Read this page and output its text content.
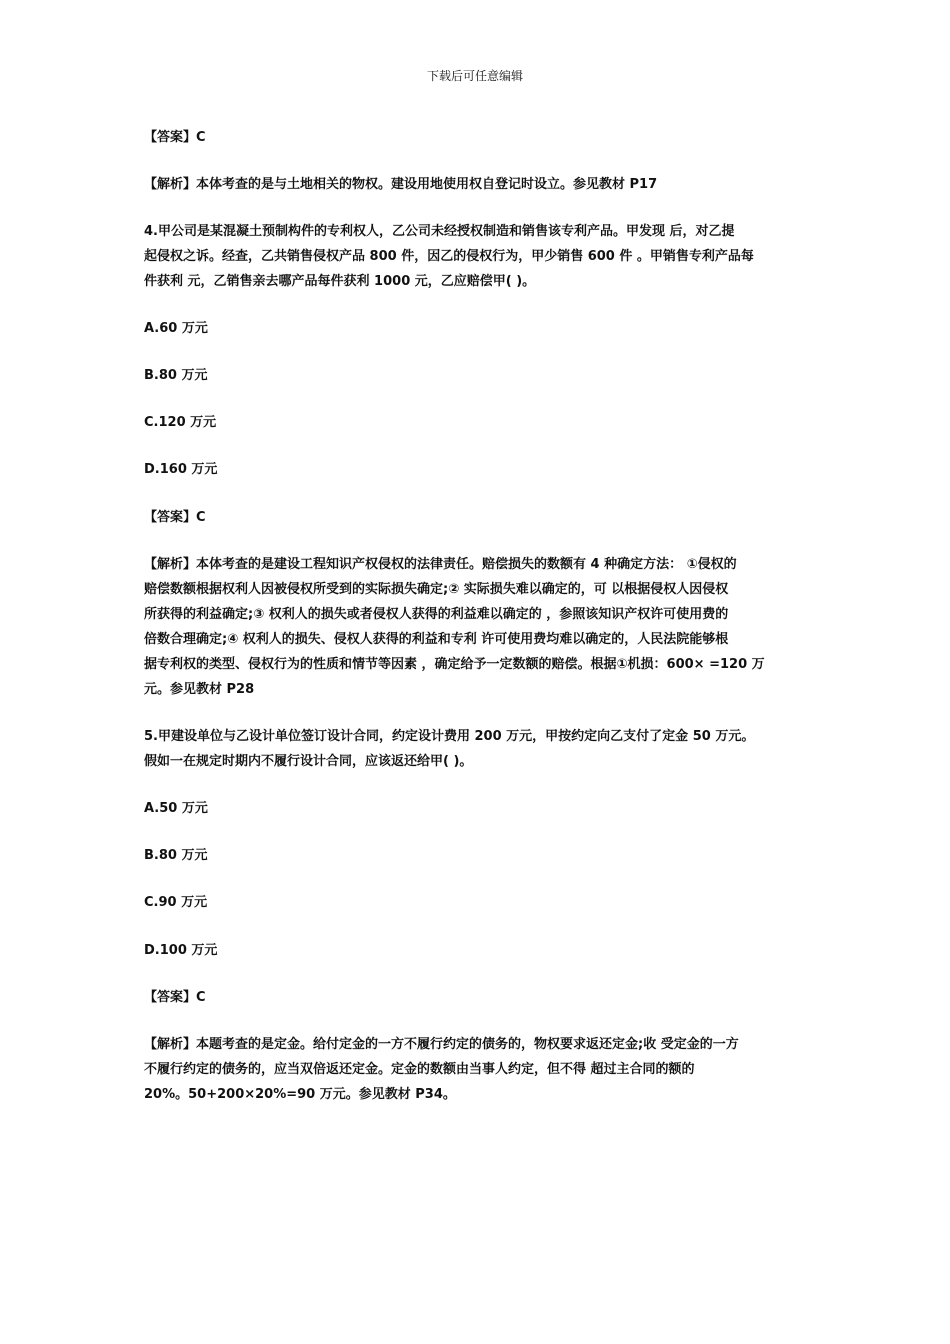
下载后可任意编辑
【答案】C
【解析】本体考查的是与土地相关的物权。建设用地使用权自登记时设立。参见教材 P17
4.甲公司是某混凝土预制构件的专利权人，乙公司未经授权制造和销售该专利产品。甲发现 后，对乙提
起侵权之诉。经查，乙共销售侵权产品 800 件，因乙的侵权行为，甲少销售 600 件 。甲销售专利产品每
件获利 元，乙销售亲去哪产品每件获利 1000 元，乙应赔偿甲( )。
A.60 万元
B.80 万元
C.120 万元
D.160 万元
【答案】C
【解析】本体考查的是建设工程知识产权侵权的法律责任。赔偿损失的数额有 4 种确定方法： ①侵权的
赔偿数额根据权利人因被侵权所受到的实际损失确定;② 实际损失难以确定的，可 以根据侵权人因侵权
所获得的利益确定;③ 权利人的损失或者侵权人获得的利益难以确定的 ，参照该知识产权许可使用费的
倍数合理确定;④ 权利人的损失、侵权人获得的利益和专利 许可使用费均难以确定的，人民法院能够根
据专利权的类型、侵权行为的性质和情节等因素 ，确定给予一定数额的赔偿。根据①机损：600× =120 万
元。参见教材 P28
5.甲建设单位与乙设计单位签订设计合同，约定设计费用 200 万元，甲按约定向乙支付了定金 50 万元。
假如一在规定时期内不履行设计合同，应该返还给甲( )。
A.50 万元
B.80 万元
C.90 万元
D.100 万元
【答案】C
【解析】本题考查的是定金。给付定金的一方不履行约定的债务的，物权要求返还定金;收 受定金的一方
不履行约定的债务的，应当双倍返还定金。定金的数额由当事人约定，但不得 超过主合同的额的
20%。50+200×20%=90 万元。参见教材 P34。
